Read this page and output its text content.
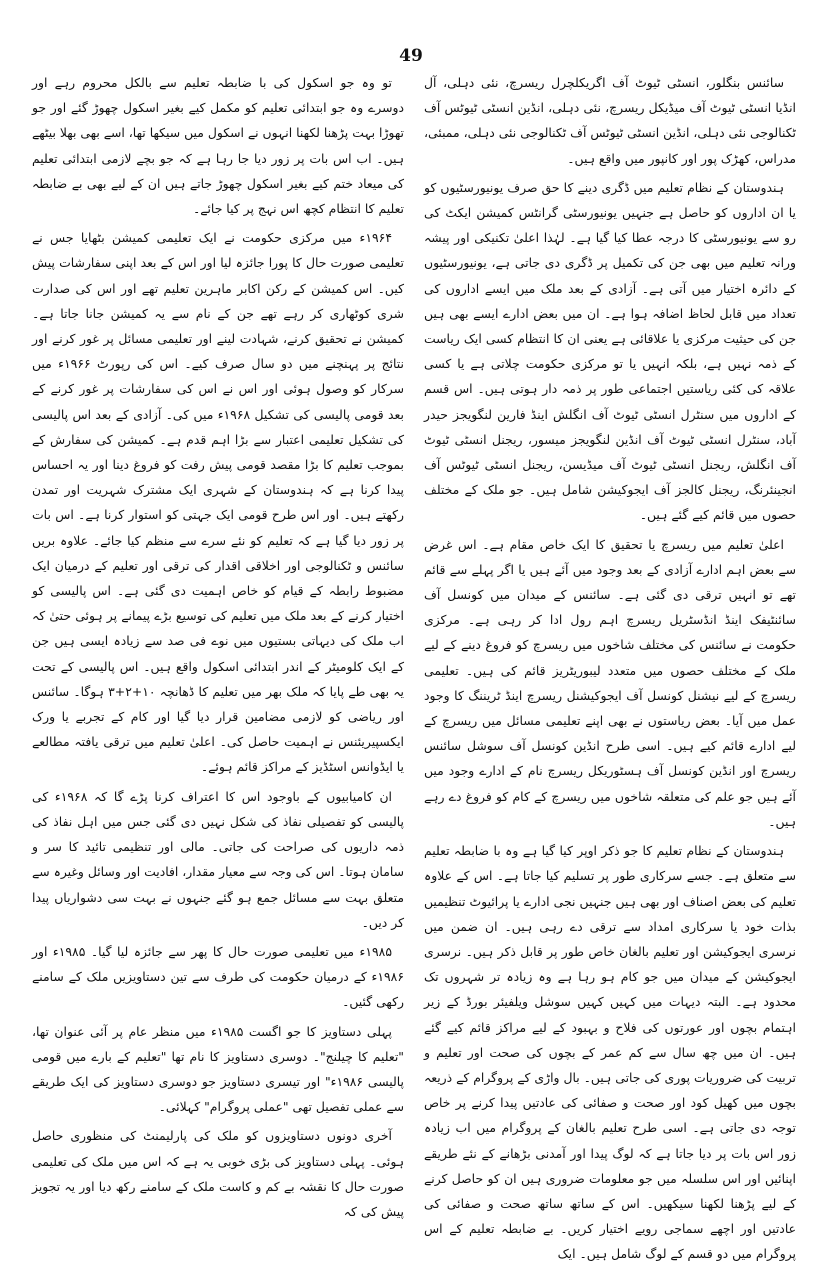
49

سائنس بنگلور، انسٹی ٹیوٹ آف اگریکلچرل ریسرچ، نئی دہلی، آل انڈیا انسٹی ٹیوٹ آف میڈیکل ریسرچ، نئی دہلی، انڈین انسٹی ٹیوٹس آف ٹکنالوجی نئی دہلی، انڈین انسٹی ٹیوٹس آف ٹکنالوجی نئی دہلی، ممبئی، مدراس، کھڑک پور اور کانپور میں واقع ہیں۔

ہندوستان کے نظام تعلیم میں ڈگری دینے کا حق صرف یونیورسٹیوں کو یا ان اداروں کو حاصل ہے جنہیں یونیورسٹی گرانٹس کمیشن ایکٹ کی رو سے یونیورسٹی کا درجہ عطا کیا گیا ہے۔ لہٰذا اعلیٰ تکنیکی اور پیشہ ورانہ تعلیم میں بھی جن کی تکمیل پر ڈگری دی جاتی ہے، یونیورسٹیوں کے دائرہ اختیار میں آتی ہے۔ آزادی کے بعد ملک میں ایسے اداروں کی تعداد میں قابل لحاظ اضافہ ہوا ہے۔ ان میں بعض ادارے ایسے بھی ہیں جن کی حیثیت مرکزی یا علاقائی ہے یعنی ان کا انتظام کسی ایک ریاست کے ذمہ نہیں ہے، بلکہ انہیں یا تو مرکزی حکومت چلاتی ہے یا کسی علاقہ کی کئی ریاستیں اجتماعی طور پر ذمہ دار ہوتی ہیں۔ اس قسم کے اداروں میں سنٹرل انسٹی ٹیوٹ آف انگلش اینڈ فارین لنگویجز حیدر آباد، سنٹرل انسٹی ٹیوٹ آف انڈین لنگویجز میسور، ریجنل انسٹی ٹیوٹ آف انگلش، ریجنل انسٹی ٹیوٹ آف میڈیسن، ریجنل انسٹی ٹیوٹس آف انجینئرنگ، ریجنل کالجز آف ایجوکیشن شامل ہیں۔ جو ملک کے مختلف حصوں میں قائم کیے گئے ہیں۔

اعلیٰ تعلیم میں ریسرچ یا تحقیق کا ایک خاص مقام ہے۔ اس غرض سے بعض اہم ادارے آزادی کے بعد وجود میں آئے ہیں یا اگر پہلے سے قائم تھے تو انہیں ترقی دی گئی ہے۔ سائنس کے میدان میں کونسل آف سائنٹیفک اینڈ انڈسٹریل ریسرچ اہم رول ادا کر رہی ہے۔ مرکزی حکومت نے سائنس کی مختلف شاخوں میں ریسرچ کو فروغ دینے کے لیے ملک کے مختلف حصوں میں متعدد لیبوریٹریز قائم کی ہیں۔ تعلیمی ریسرچ کے لیے نیشنل کونسل آف ایجوکیشنل ریسرچ اینڈ ٹریننگ کا وجود عمل میں آیا۔ بعض ریاستوں نے بھی اپنے تعلیمی مسائل میں ریسرچ کے لیے ادارے قائم کیے ہیں۔ اسی طرح انڈین کونسل آف سوشل سائنس ریسرچ اور انڈین کونسل آف ہسٹوریکل ریسرچ نام کے ادارے وجود میں آئے ہیں جو علم کی متعلقہ شاخوں میں ریسرچ کے کام کو فروغ دے رہے ہیں۔

ہندوستان کے نظام تعلیم کا جو ذکر اوپر کیا گیا ہے وہ با ضابطہ تعلیم سے متعلق ہے۔ جسے سرکاری طور پر تسلیم کیا جاتا ہے۔ اس کے علاوہ تعلیم کی بعض اصناف اور بھی ہیں جنہیں نجی ادارے یا پرائیوٹ تنظیمیں بذات خود یا سرکاری امداد سے ترقی دے رہی ہیں۔ ان ضمن میں نرسری ایجوکیشن اور تعلیم بالغان خاص طور پر قابل ذکر ہیں۔ نرسری ایجوکیشن کے میدان میں جو کام ہو رہا ہے وہ زیادہ تر شہروں تک محدود ہے۔ البتہ دیہات میں کہیں کہیں سوشل ویلفیئر بورڈ کے زیر اہتمام بچوں اور عورتوں کی فلاح و بہبود کے لیے مراکز قائم کیے گئے ہیں۔ ان میں چھ سال سے کم عمر کے بچوں کی صحت اور تعلیم و تربیت کی ضروریات پوری کی جاتی ہیں۔ بال واڑی کے پروگرام کے ذریعہ بچوں میں کھیل کود اور صحت و صفائی کی عادتیں پیدا کرنے پر خاص توجہ دی جاتی ہے۔ اسی طرح تعلیم بالغان کے پروگرام میں اب زیادہ زور اس بات پر دیا جاتا ہے کہ لوگ پیدا اور آمدنی بڑھانے کے نئے طریقے اپنائیں اور اس سلسلہ میں جو معلومات ضروری ہیں ان کو حاصل کرنے کے لیے پڑھنا لکھنا سیکھیں۔ اس کے ساتھ ساتھ صحت و صفائی کی عادتیں اور اچھے سماجی رویے اختیار کریں۔ بے ضابطہ تعلیم کے اس پروگرام میں دو قسم کے لوگ شامل ہیں۔ ایک

تو وہ جو اسکول کی با ضابطہ تعلیم سے بالکل محروم رہے اور دوسرے وہ جو ابتدائی تعلیم کو مکمل کیے بغیر اسکول چھوڑ گئے اور جو تھوڑا بہت پڑھنا لکھنا انہوں نے اسکول میں سیکھا تھا، اسے بھی بھلا بیٹھے ہیں۔ اب اس بات پر زور دیا جا رہا ہے کہ جو بچے لازمی ابتدائی تعلیم کی میعاد ختم کیے بغیر اسکول چھوڑ جاتے ہیں ان کے لیے بھی بے ضابطہ تعلیم کا انتظام کچھ اس نہج پر کیا جائے۔

۱۹۶۴ء میں مرکزی حکومت نے ایک تعلیمی کمیشن بٹھایا جس نے تعلیمی صورت حال کا پورا جائزہ لیا اور اس کے بعد اپنی سفارشات پیش کیں۔ اس کمیشن کے رکن اکابر ماہرین تعلیم تھے اور اس کی صدارت شری کوٹھاری کر رہے تھے جن کے نام سے یہ کمیشن جانا جاتا ہے۔ کمیشن نے تحقیق کرنے، شہادت لینے اور تعلیمی مسائل پر غور کرنے اور نتائج پر پہنچنے میں دو سال صرف کیے۔ اس کی رپورٹ ۱۹۶۶ء میں سرکار کو وصول ہوئی اور اس نے اس کی سفارشات پر غور کرنے کے بعد قومی پالیسی کی تشکیل ۱۹۶۸ء میں کی۔ آزادی کے بعد اس پالیسی کی تشکیل تعلیمی اعتبار سے بڑا اہم قدم ہے۔ کمیشن کی سفارش کے بموجب تعلیم کا بڑا مقصد قومی پیش رفت کو فروغ دینا اور یہ احساس پیدا کرنا ہے کہ ہندوستان کے شہری ایک مشترک شہریت اور تمدن رکھتے ہیں۔ اور اس طرح قومی ایک جہتی کو استوار کرنا ہے۔ اس بات پر زور دیا گیا ہے کہ تعلیم کو نئے سرے سے منظم کیا جائے۔ علاوہ بریں سائنس و ٹکنالوجی اور اخلاقی اقدار کی ترقی اور تعلیم کے درمیان ایک مضبوط رابطہ کے قیام کو خاص اہمیت دی گئی ہے۔ اس پالیسی کو اختیار کرنے کے بعد ملک میں تعلیم کی توسیع بڑے پیمانے پر ہوئی حتیٰ کہ اب ملک کی دیہاتی بستیوں میں نوے فی صد سے زیادہ ایسی ہیں جن کے ایک کلومیٹر کے اندر ابتدائی اسکول واقع ہیں۔ اس پالیسی کے تحت یہ بھی طے پایا کہ ملک بھر میں تعلیم کا ڈھانچہ ۱۰+۲+۳ ہوگا۔ سائنس اور ریاضی کو لازمی مضامین قرار دیا گیا اور کام کے تجربے یا ورک ایکسپیریئنس نے اہمیت حاصل کی۔ اعلیٰ تعلیم میں ترقی یافتہ مطالعے یا ایڈوانس اسٹڈیز کے مراکز قائم ہوئے۔

ان کامیابیوں کے باوجود اس کا اعتراف کرنا پڑے گا کہ ۱۹۶۸ء کی پالیسی کو تفصیلی نفاذ کی شکل نہیں دی گئی جس میں اہل نفاذ کی ذمہ داریوں کی صراحت کی جاتی۔ مالی اور تنظیمی تائید کا سر و سامان ہوتا۔ اس کی وجہ سے معیار مقدار، افادیت اور وسائل وغیرہ سے متعلق بہت سے مسائل جمع ہو گئے جنہوں نے بہت سی دشواریاں پیدا کر دیں۔

۱۹۸۵ء میں تعلیمی صورت حال کا پھر سے جائزہ لیا گیا۔ ۱۹۸۵ء اور ۱۹۸۶ء کے درمیان حکومت کی طرف سے تین دستاویزیں ملک کے سامنے رکھی گئیں۔

پہلی دستاویز کا جو اگست ۱۹۸۵ء میں منظر عام پر آئی عنوان تھا، "تعلیم کا چیلنج"۔ دوسری دستاویز کا نام تھا "تعلیم کے بارے میں قومی پالیسی ۱۹۸۶ء" اور تیسری دستاویز جو دوسری دستاویز کی ایک طریقے سے عملی تفصیل تھی "عملی پروگرام" کہلائی۔

آخری دونوں دستاویزوں کو ملک کی پارلیمنٹ کی منظوری حاصل ہوئی۔ پہلی دستاویز کی بڑی خوبی یہ ہے کہ اس میں ملک کی تعلیمی صورت حال کا نقشہ بے کم و کاست ملک کے سامنے رکھ دیا اور یہ تجویز پیش کی کہ
